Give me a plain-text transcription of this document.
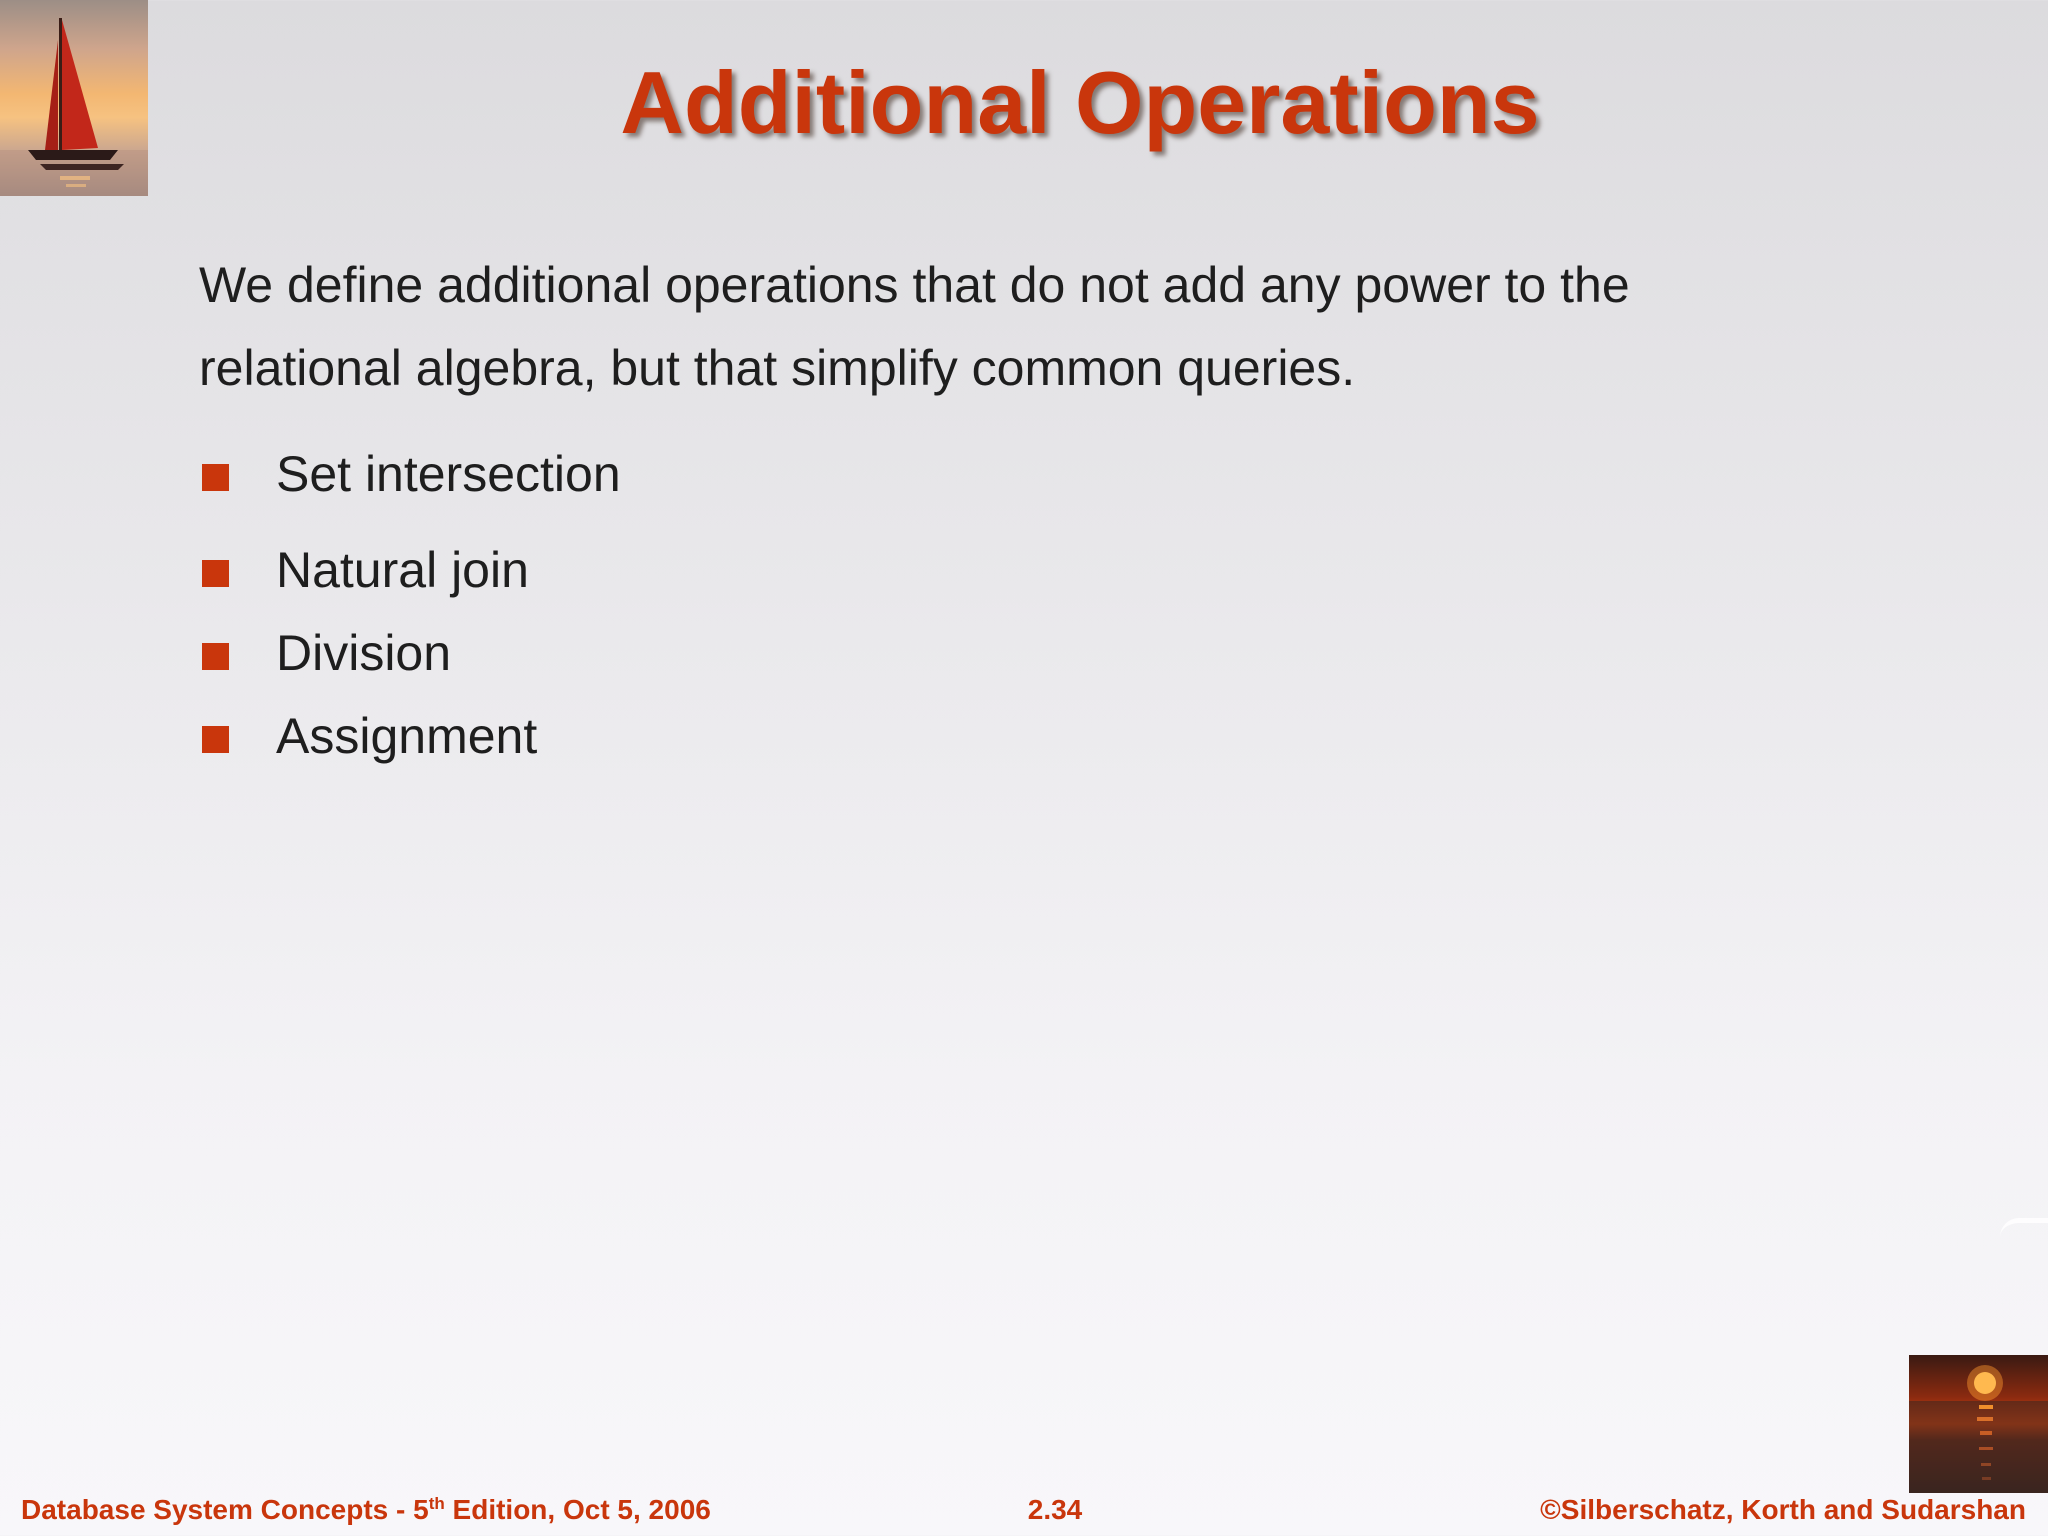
Additional Operations
We define additional operations that do not add any power to the relational algebra, but that simplify common queries.
Set intersection
Natural join
Division
Assignment
Database System Concepts - 5th Edition, Oct 5, 2006	2.34	©Silberschatz, Korth and Sudarshan
